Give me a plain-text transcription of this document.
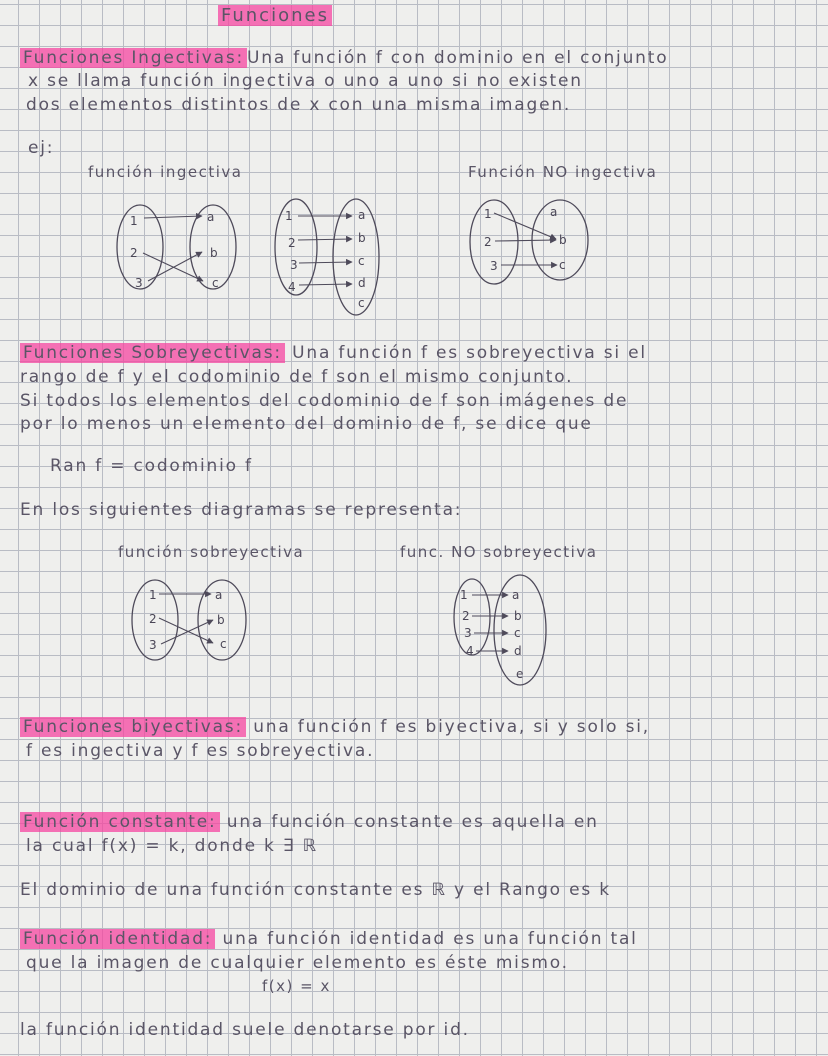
Funciones
Funciones Ingectivas: Una función f con dominio en el conjunto
x se llama función ingectiva o uno a uno si no existen
dos elementos distintos de x con una misma imagen.
ej:
función ingectiva	Función NO ingectiva
1
2
3
a
b
c
1
2
3
4
a
b
c
d
c
1
2
3
a
b
c
Funciones Sobreyectivas: Una función f es sobreyectiva si el
rango de f y el codominio de f son el mismo conjunto.
Si todos los elementos del codominio de f son imágenes de
por lo menos un elemento del dominio de f, se dice que
Ran f = codominio f
En los siguientes diagramas se representa:
función sobreyectiva	func. NO sobreyectiva
1
2
3
a
b
c
1
2
3
4
a
b
c
d
e
Funciones biyectivas: una función f es biyectiva, si y solo si,
f es ingectiva y f es sobreyectiva.
Función constante: una función constante es aquella en
la cual f(x) = k, donde k ∃ ℝ
El dominio de una función constante es ℝ y el Rango es k
Función identidad: una función identidad es una función tal
que la imagen de cualquier elemento es éste mismo.
f(x) = x
la función identidad suele denotarse por id.
